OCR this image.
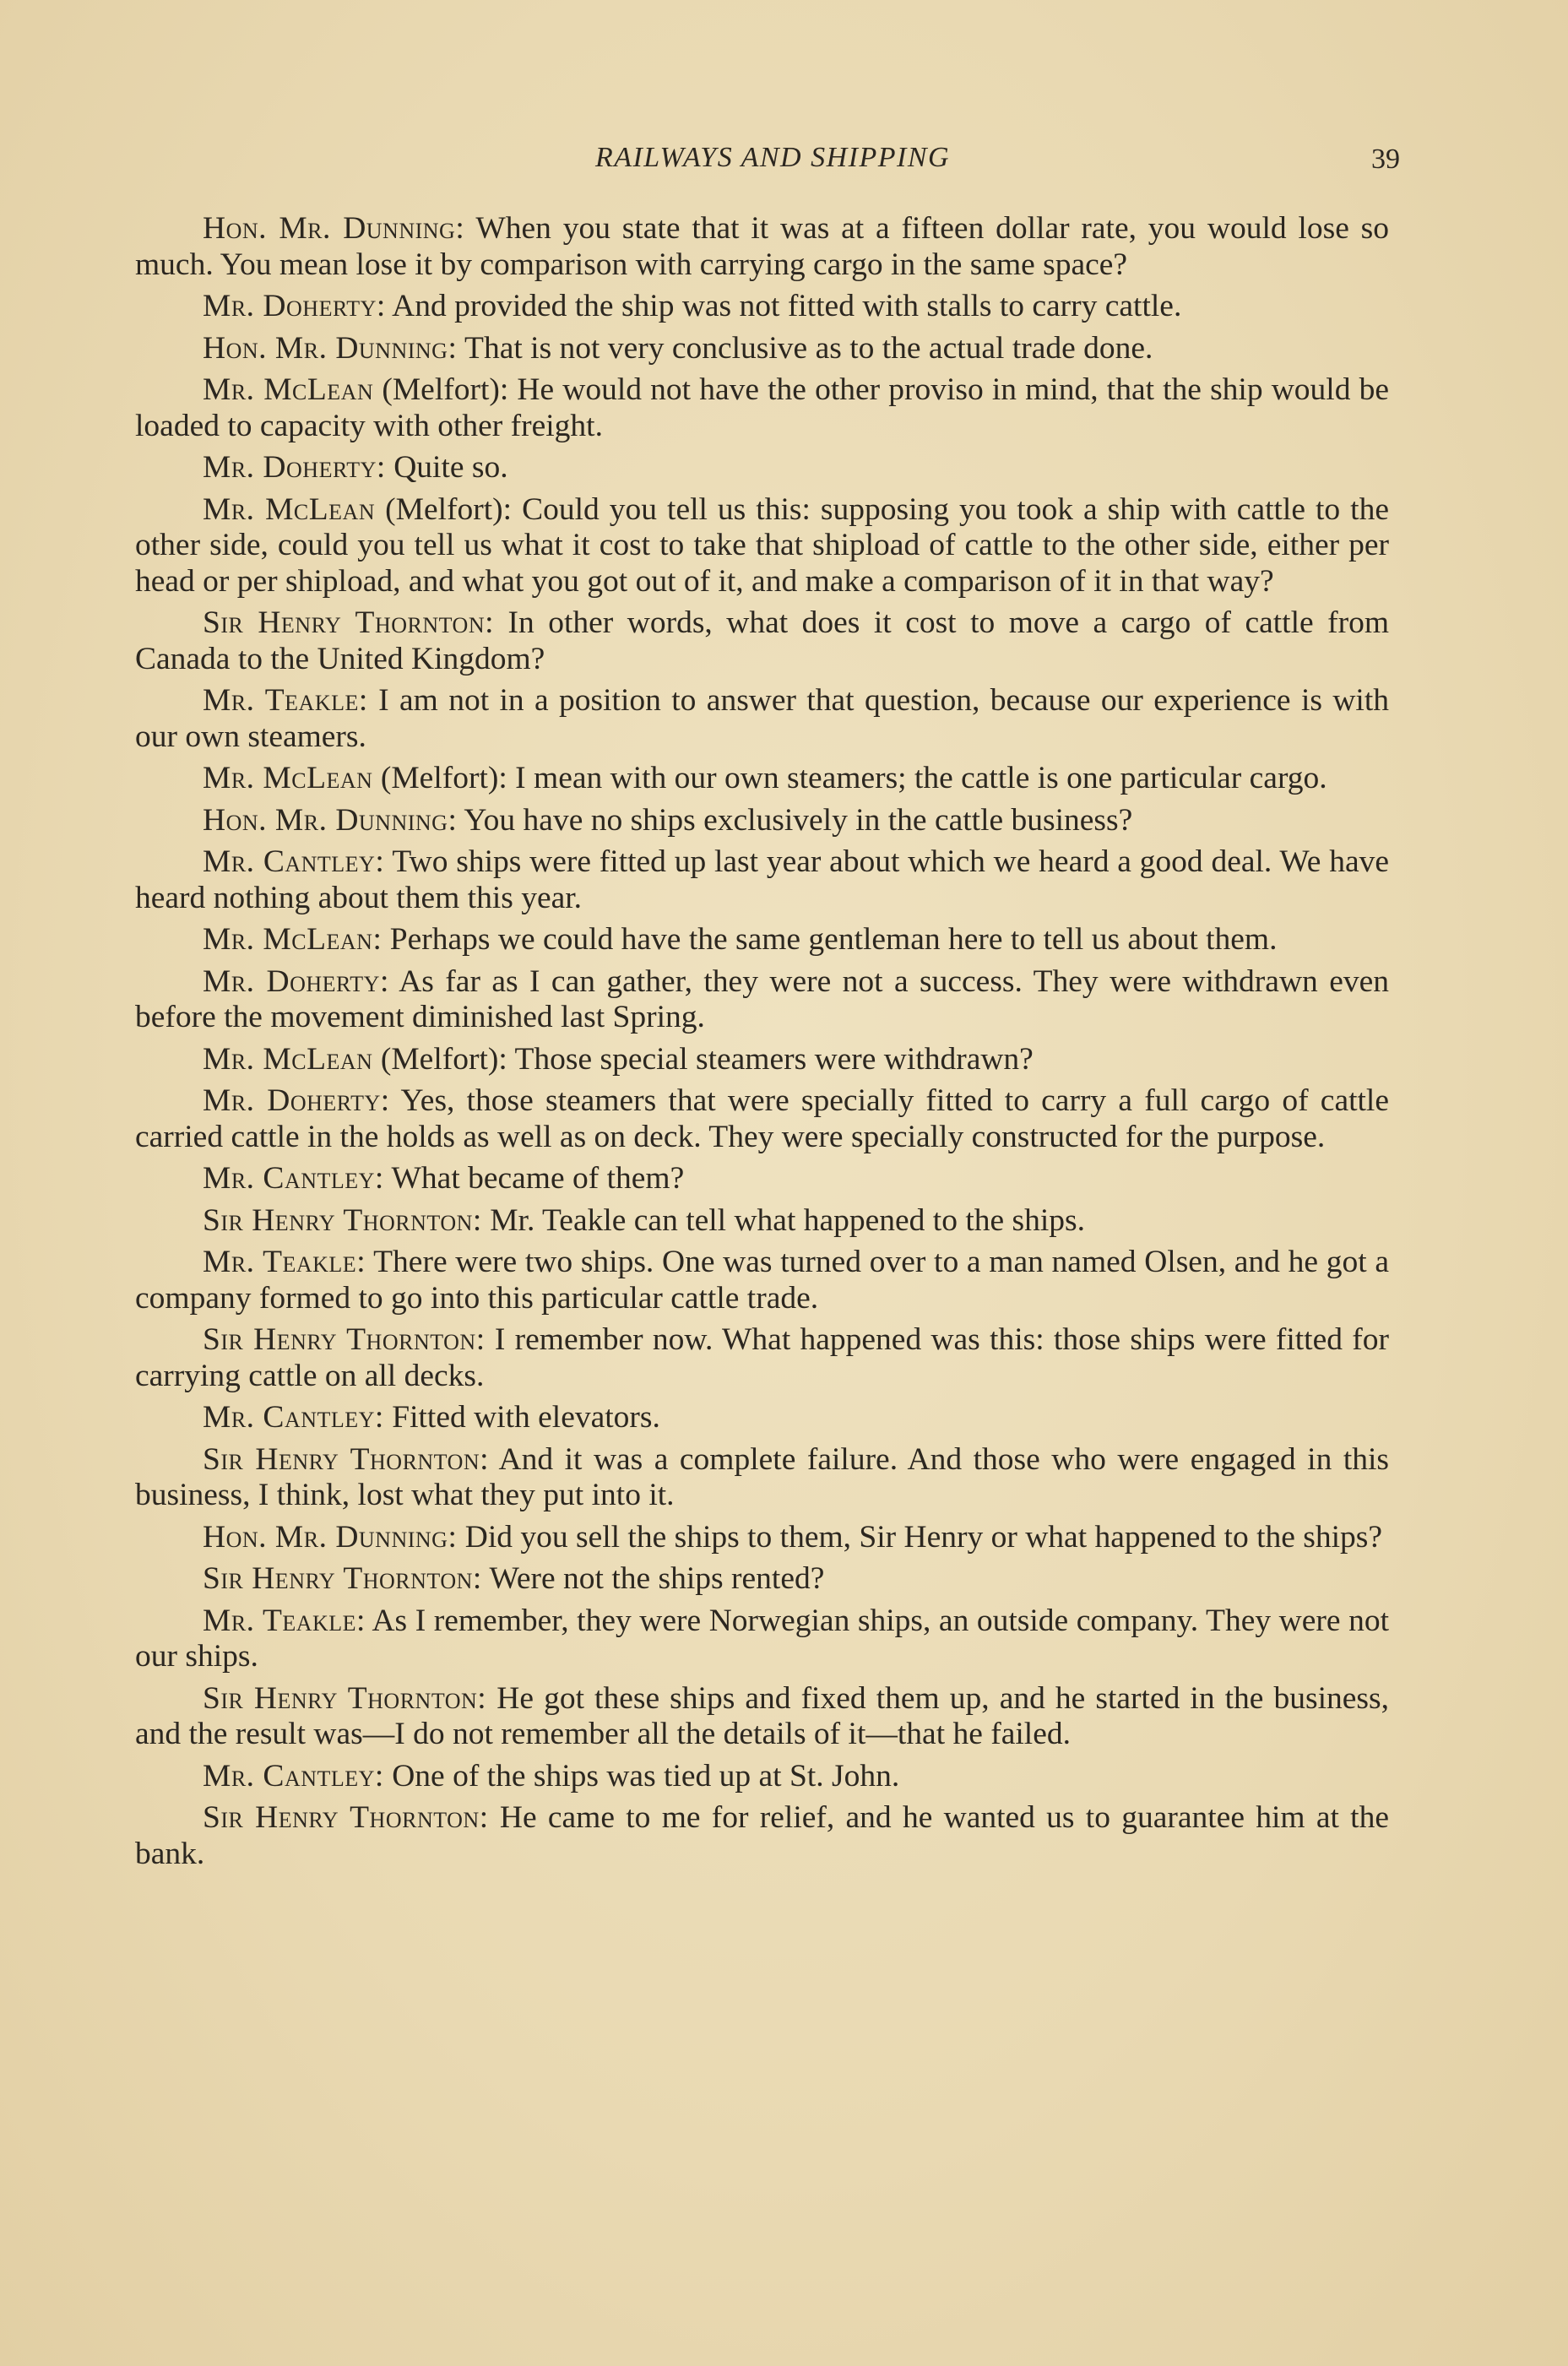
RAILWAYS AND SHIPPING	39

Hon. Mr. Dunning: When you state that it was at a fifteen dollar rate, you would lose so much. You mean lose it by comparison with carrying cargo in the same space?

Mr. Doherty: And provided the ship was not fitted with stalls to carry cattle.

Hon. Mr. Dunning: That is not very conclusive as to the actual trade done.

Mr. McLean (Melfort): He would not have the other proviso in mind, that the ship would be loaded to capacity with other freight.

Mr. Doherty: Quite so.

Mr. McLean (Melfort): Could you tell us this: supposing you took a ship with cattle to the other side, could you tell us what it cost to take that shipload of cattle to the other side, either per head or per shipload, and what you got out of it, and make a comparison of it in that way?

Sir Henry Thornton: In other words, what does it cost to move a cargo of cattle from Canada to the United Kingdom?

Mr. Teakle: I am not in a position to answer that question, because our experience is with our own steamers.

Mr. McLean (Melfort): I mean with our own steamers; the cattle is one particular cargo.

Hon. Mr. Dunning: You have no ships exclusively in the cattle business?

Mr. Cantley: Two ships were fitted up last year about which we heard a good deal. We have heard nothing about them this year.

Mr. McLean: Perhaps we could have the same gentleman here to tell us about them.

Mr. Doherty: As far as I can gather, they were not a success. They were withdrawn even before the movement diminished last Spring.

Mr. McLean (Melfort): Those special steamers were withdrawn?

Mr. Doherty: Yes, those steamers that were specially fitted to carry a full cargo of cattle carried cattle in the holds as well as on deck. They were specially constructed for the purpose.

Mr. Cantley: What became of them?

Sir Henry Thornton: Mr. Teakle can tell what happened to the ships.

Mr. Teakle: There were two ships. One was turned over to a man named Olsen, and he got a company formed to go into this particular cattle trade.

Sir Henry Thornton: I remember now. What happened was this: those ships were fitted for carrying cattle on all decks.

Mr. Cantley: Fitted with elevators.

Sir Henry Thornton: And it was a complete failure. And those who were engaged in this business, I think, lost what they put into it.

Hon. Mr. Dunning: Did you sell the ships to them, Sir Henry or what happened to the ships?

Sir Henry Thornton: Were not the ships rented?

Mr. Teakle: As I remember, they were Norwegian ships, an outside company. They were not our ships.

Sir Henry Thornton: He got these ships and fixed them up, and he started in the business, and the result was—I do not remember all the details of it—that he failed.

Mr. Cantley: One of the ships was tied up at St. John.

Sir Henry Thornton: He came to me for relief, and he wanted us to guarantee him at the bank.
